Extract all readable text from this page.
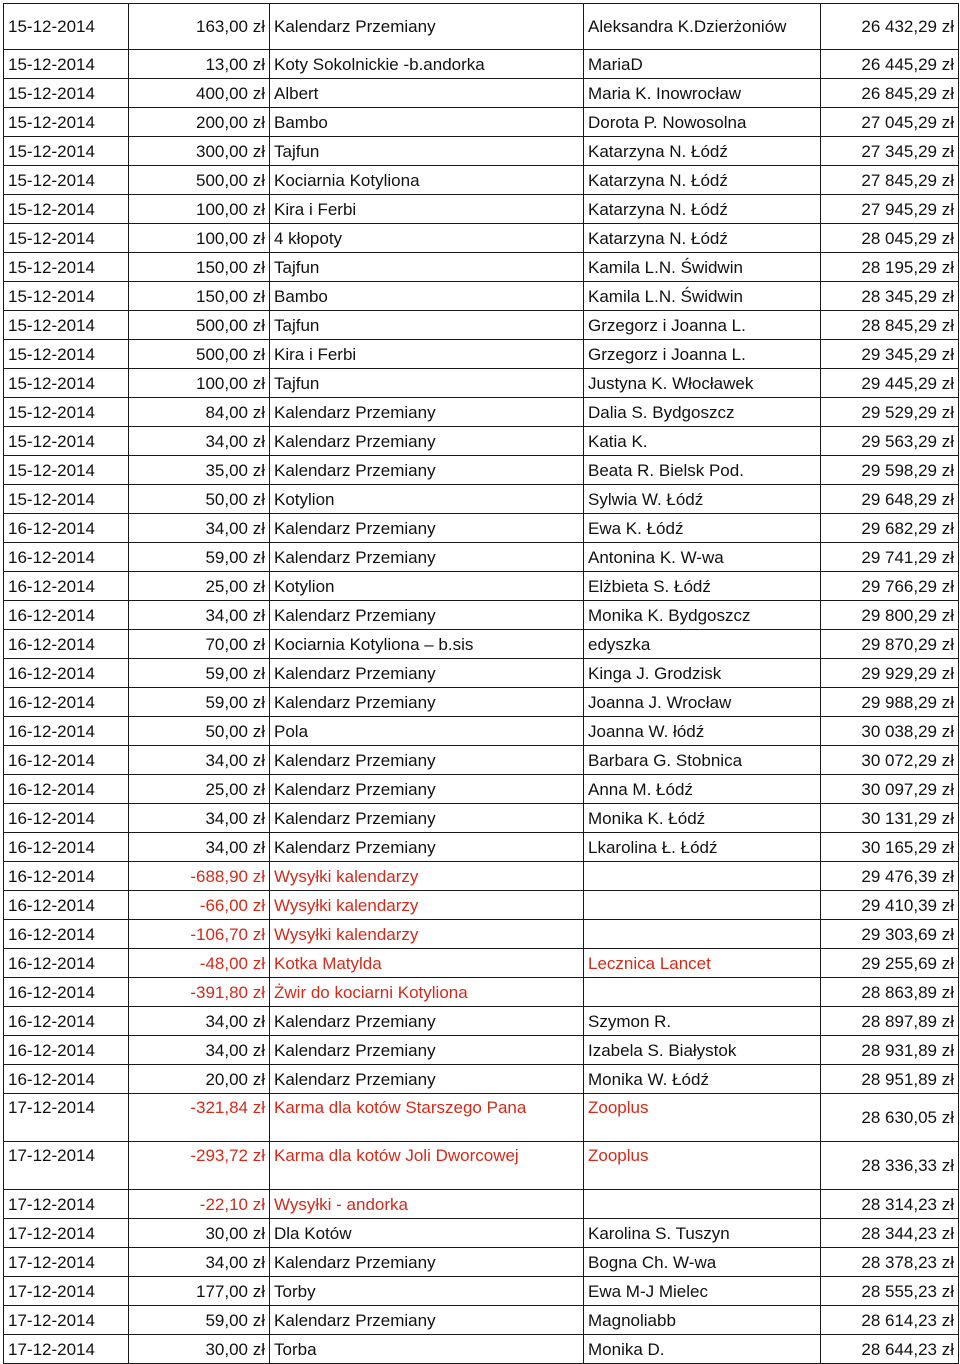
15-12-2014	163,00 zł	Kalendarz Przemiany	Aleksandra K.Dzierżoniów	26 432,29 zł
15-12-2014	13,00 zł	Koty Sokolnickie -b.andorka	MariaD	26 445,29 zł
15-12-2014	400,00 zł	Albert	Maria K. Inowrocław	26 845,29 zł
15-12-2014	200,00 zł	Bambo	Dorota P. Nowosolna	27 045,29 zł
15-12-2014	300,00 zł	Tajfun	Katarzyna N. Łódź	27 345,29 zł
15-12-2014	500,00 zł	Kociarnia Kotyliona	Katarzyna N. Łódź	27 845,29 zł
15-12-2014	100,00 zł	Kira i Ferbi	Katarzyna N. Łódź	27 945,29 zł
15-12-2014	100,00 zł	4 kłopoty	Katarzyna N. Łódź	28 045,29 zł
15-12-2014	150,00 zł	Tajfun	Kamila L.N. Świdwin	28 195,29 zł
15-12-2014	150,00 zł	Bambo	Kamila L.N. Świdwin	28 345,29 zł
15-12-2014	500,00 zł	Tajfun	Grzegorz i Joanna L.	28 845,29 zł
15-12-2014	500,00 zł	Kira i Ferbi	Grzegorz i Joanna L.	29 345,29 zł
15-12-2014	100,00 zł	Tajfun	Justyna K. Włocławek	29 445,29 zł
15-12-2014	84,00 zł	Kalendarz Przemiany	Dalia S. Bydgoszcz	29 529,29 zł
15-12-2014	34,00 zł	Kalendarz Przemiany	Katia K.	29 563,29 zł
15-12-2014	35,00 zł	Kalendarz Przemiany	Beata R. Bielsk Pod.	29 598,29 zł
15-12-2014	50,00 zł	Kotylion	Sylwia W. Łódź	29 648,29 zł
16-12-2014	34,00 zł	Kalendarz Przemiany	Ewa K. Łódź	29 682,29 zł
16-12-2014	59,00 zł	Kalendarz Przemiany	Antonina K. W-wa	29 741,29 zł
16-12-2014	25,00 zł	Kotylion	Elżbieta S. Łódź	29 766,29 zł
16-12-2014	34,00 zł	Kalendarz Przemiany	Monika K. Bydgoszcz	29 800,29 zł
16-12-2014	70,00 zł	Kociarnia Kotyliona – b.sis	edyszka	29 870,29 zł
16-12-2014	59,00 zł	Kalendarz Przemiany	Kinga J. Grodzisk	29 929,29 zł
16-12-2014	59,00 zł	Kalendarz Przemiany	Joanna J. Wrocław	29 988,29 zł
16-12-2014	50,00 zł	Pola	Joanna W. łódź	30 038,29 zł
16-12-2014	34,00 zł	Kalendarz Przemiany	Barbara G. Stobnica	30 072,29 zł
16-12-2014	25,00 zł	Kalendarz Przemiany	Anna M. Łódź	30 097,29 zł
16-12-2014	34,00 zł	Kalendarz Przemiany	Monika K. Łódź	30 131,29 zł
16-12-2014	34,00 zł	Kalendarz Przemiany	Lkarolina Ł. Łódź	30 165,29 zł
16-12-2014	-688,90 zł	Wysyłki kalendarzy		29 476,39 zł
16-12-2014	-66,00 zł	Wysyłki kalendarzy		29 410,39 zł
16-12-2014	-106,70 zł	Wysyłki kalendarzy		29 303,69 zł
16-12-2014	-48,00 zł	Kotka Matylda	Lecznica Lancet	29 255,69 zł
16-12-2014	-391,80 zł	Żwir do kociarni Kotyliona		28 863,89 zł
16-12-2014	34,00 zł	Kalendarz Przemiany	Szymon R.	28 897,89 zł
16-12-2014	34,00 zł	Kalendarz Przemiany	Izabela S. Białystok	28 931,89 zł
16-12-2014	20,00 zł	Kalendarz Przemiany	Monika W. Łódź	28 951,89 zł
17-12-2014	-321,84 zł	Karma dla kotów Starszego Pana	Zooplus	28 630,05 zł
17-12-2014	-293,72 zł	Karma dla kotów Joli Dworcowej	Zooplus	28 336,33 zł
17-12-2014	-22,10 zł	Wysyłki - andorka		28 314,23 zł
17-12-2014	30,00 zł	Dla Kotów	Karolina S. Tuszyn	28 344,23 zł
17-12-2014	34,00 zł	Kalendarz Przemiany	Bogna Ch. W-wa	28 378,23 zł
17-12-2014	177,00 zł	Torby	Ewa M-J Mielec	28 555,23 zł
17-12-2014	59,00 zł	Kalendarz Przemiany	Magnoliabb	28 614,23 zł
17-12-2014	30,00 zł	Torba	Monika D.	28 644,23 zł
